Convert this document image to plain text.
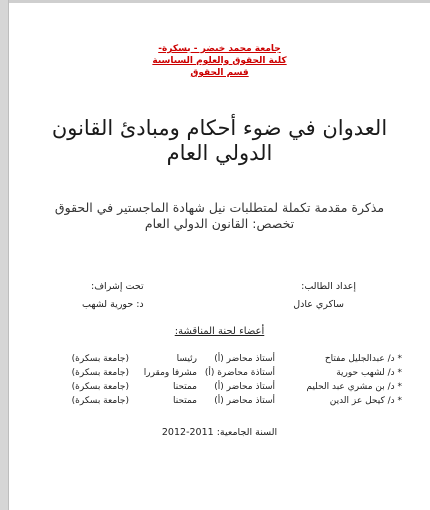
جامعة محمد خيضر - بسكرة-
كلية الحقوق والعلوم السياسية
قسم الحقوق
العدوان في ضوء أحكام ومبادئ القانون
الدولي العام
مذكرة مقدمة تكملة لمتطلبات نيل شهادة الماجستير في الحقوق
تخصص: القانون الدولي العام
إعداد الطالب:
ساكري عادل
تحت إشراف:
د: حورية لشهب
أعضاء لجنة المناقشة:
* د/ عبدالجليل مفتاح
أستاذ محاضر (أ)
رئيسا
(جامعة بسكرة)
* د/ لشهب حورية
أستاذة محاضرة (أ)
مشرفا ومقررا
(جامعة بسكرة)
* د/ بن مشري عبد الحليم
أستاذ محاضر (أ)
ممتحنا
(جامعة بسكرة)
* د/ كيحل عز الدين
أستاذ محاضر (أ)
ممتحنا
(جامعة بسكرة)
السنة الجامعية: 2011-2012
